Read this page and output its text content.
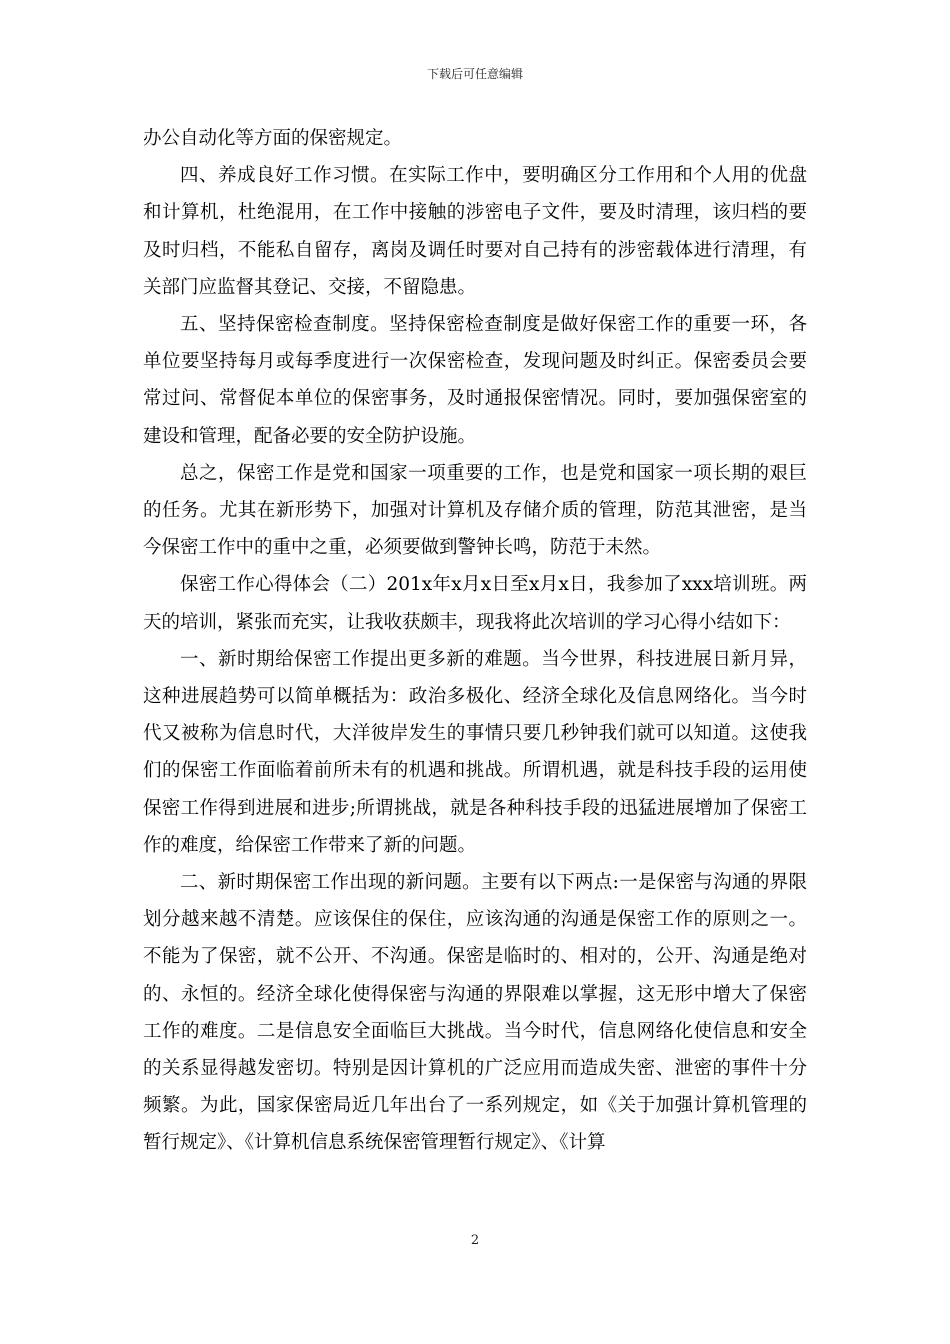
下载后可任意编辑

办公自动化等方面的保密规定。

四、养成良好工作习惯。在实际工作中，要明确区分工作用和个人用的优盘和计算机，杜绝混用，在工作中接触的涉密电子文件，要及时清理，该归档的要及时归档，不能私自留存，离岗及调任时要对自己持有的涉密载体进行清理，有关部门应监督其登记、交接，不留隐患。

五、坚持保密检查制度。坚持保密检查制度是做好保密工作的重要一环，各单位要坚持每月或每季度进行一次保密检查，发现问题及时纠正。保密委员会要常过问、常督促本单位的保密事务，及时通报保密情况。同时，要加强保密室的建设和管理，配备必要的安全防护设施。

总之，保密工作是党和国家一项重要的工作，也是党和国家一项长期的艰巨的任务。尤其在新形势下，加强对计算机及存储介质的管理，防范其泄密，是当今保密工作中的重中之重，必须要做到警钟长鸣，防范于未然。

保密工作心得体会（二）201x年x月x日至x月x日，我参加了xxx培训班。两天的培训，紧张而充实，让我收获颇丰，现我将此次培训的学习心得小结如下：

一、新时期给保密工作提出更多新的难题。当今世界，科技进展日新月异，这种进展趋势可以简单概括为：政治多极化、经济全球化及信息网络化。当今时代又被称为信息时代，大洋彼岸发生的事情只要几秒钟我们就可以知道。这使我们的保密工作面临着前所未有的机遇和挑战。所谓机遇，就是科技手段的运用使保密工作得到进展和进步;所谓挑战，就是各种科技手段的迅猛进展增加了保密工作的难度，给保密工作带来了新的问题。

二、新时期保密工作出现的新问题。主要有以下两点:一是保密与沟通的界限划分越来越不清楚。应该保住的保住，应该沟通的沟通是保密工作的原则之一。不能为了保密，就不公开、不沟通。保密是临时的、相对的，公开、沟通是绝对的、永恒的。经济全球化使得保密与沟通的界限难以掌握，这无形中增大了保密工作的难度。二是信息安全面临巨大挑战。当今时代，信息网络化使信息和安全的关系显得越发密切。特别是因计算机的广泛应用而造成失密、泄密的事件十分频繁。为此，国家保密局近几年出台了一系列规定，如《关于加强计算机管理的暂行规定》、《计算机信息系统保密管理暂行规定》、《计算

2
